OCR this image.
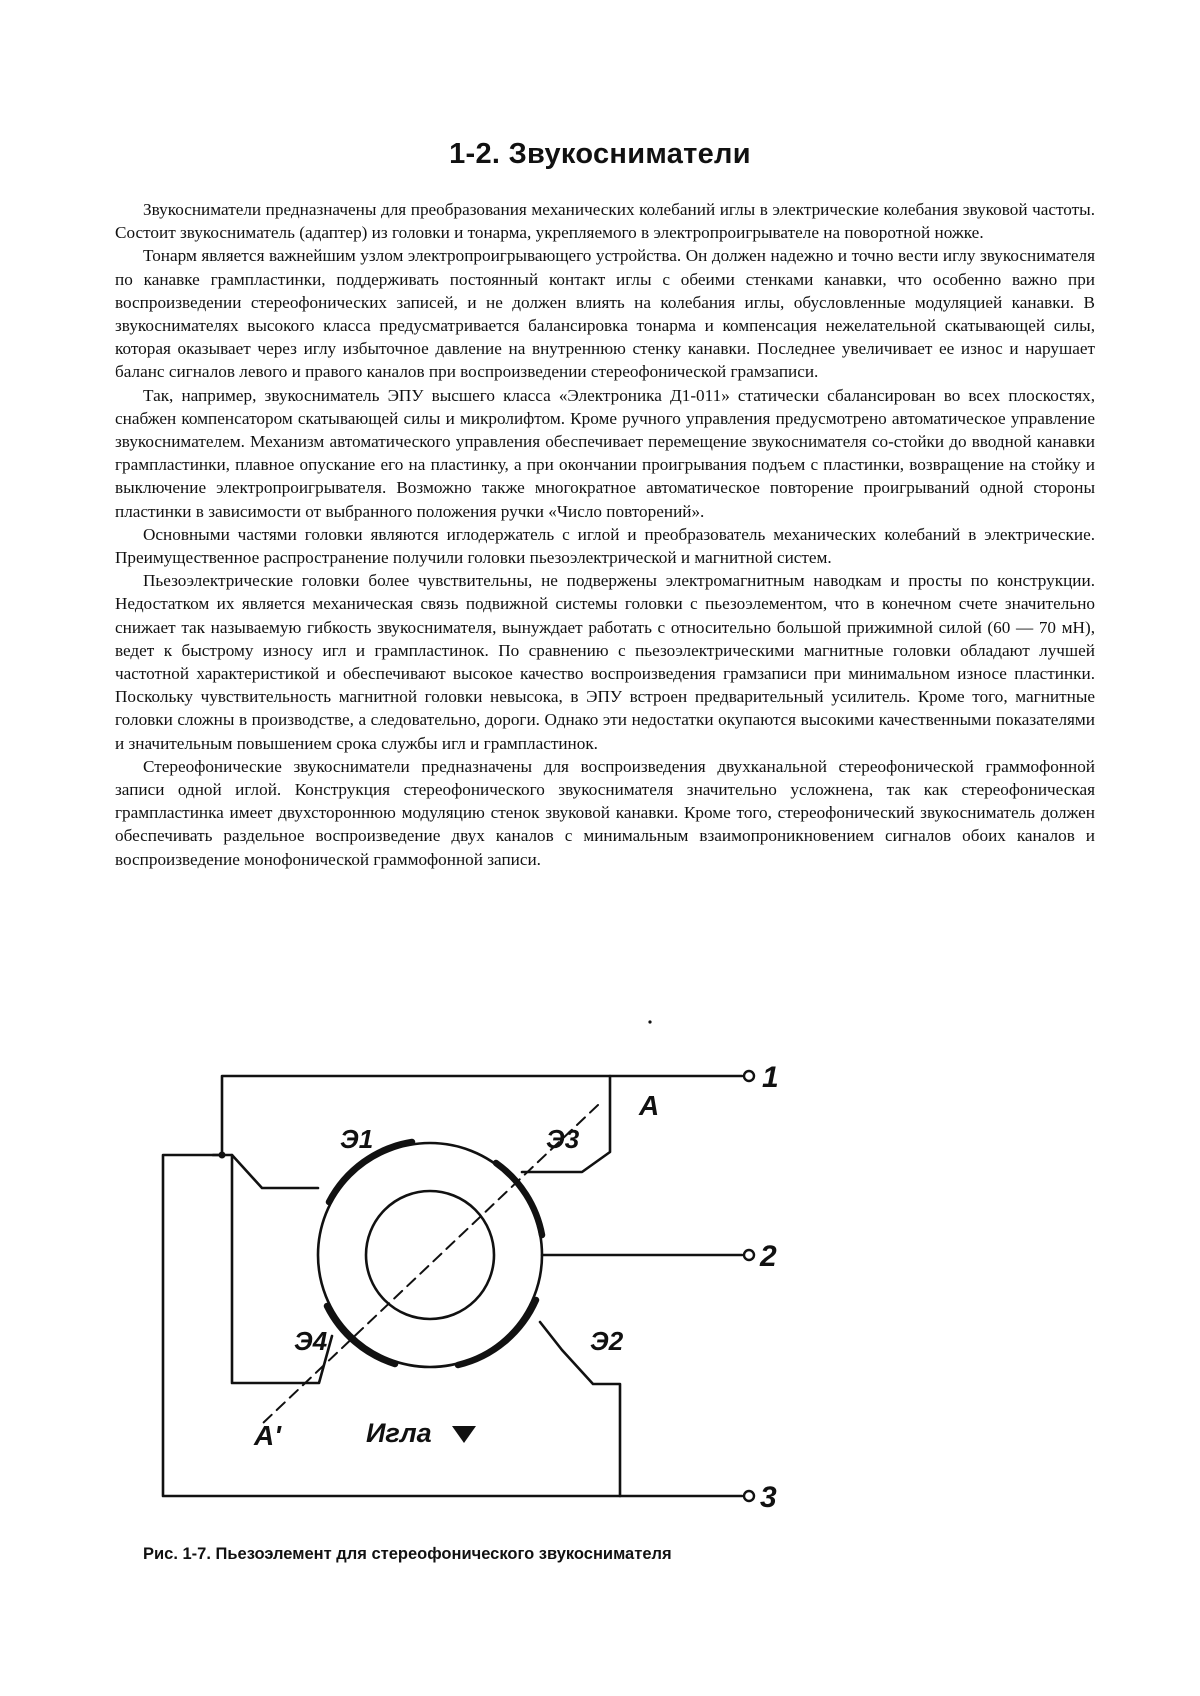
1-2. Звукосниматели

Звукосниматели предназначены для преобразования механических колебаний иглы в электрические колебания звуковой частоты. Состоит звукосниматель (адаптер) из головки и тонарма, укрепляемого в электропроигрывателе на поворотной ножке.

Тонарм является важнейшим узлом электропроигрывающего устройства. Он должен надежно и точно вести иглу звукоснимателя по канавке грампластинки, поддерживать постоянный контакт иглы с обеими стенками канавки, что особенно важно при воспроизведении стереофонических записей, и не должен влиять на колебания иглы, обусловленные модуляцией канавки. В звукоснимателях высокого класса предусматривается балансировка тонарма и компенсация нежелательной скатывающей силы, которая оказывает через иглу избыточное давление на внутреннюю стенку канавки. Последнее увеличивает ее износ и нарушает баланс сигналов левого и правого каналов при воспроизведении стереофонической грамзаписи.

Так, например, звукосниматель ЭПУ высшего класса «Электроника Д1-011» статически сбалансирован во всех плоскостях, снабжен компенсатором скатывающей силы и микролифтом. Кроме ручного управления предусмотрено автоматическое управление звукоснимателем. Механизм автоматического управления обеспечивает перемещение звукоснимателя со-стойки до вводной канавки грампластинки, плавное опускание его на пластинку, а при окончании проигрывания подъем с пластинки, возвращение на стойку и выключение электропроигрывателя. Возможно также многократное автоматическое повторение проигрываний одной стороны пластинки в зависимости от выбранного положения ручки «Число повторений».

Основными частями головки являются иглодержатель с иглой и преобразователь механических колебаний в электрические. Преимущественное распространение получили головки пьезоэлектрической и магнитной систем.

Пьезоэлектрические головки более чувствительны, не подвержены электромагнитным наводкам и просты по конструкции. Недостатком их является механическая связь подвижной системы головки с пьезоэлементом, что в конечном счете значительно снижает так называемую гибкость звукоснимателя, вынуждает работать с относительно большой прижимной силой (60 — 70 мН), ведет к быстрому износу игл и грампластинок. По сравнению с пьезоэлектрическими магнитные головки обладают лучшей частотной характеристикой и обеспечивают высокое качество воспроизведения грамзаписи при минимальном износе пластинки. Поскольку чувствительность магнитной головки невысока, в ЭПУ встроен предварительный усилитель. Кроме того, магнитные головки сложны в производстве, а следовательно, дороги. Однако эти недостатки окупаются высокими качественными показателями и значительным повышением срока службы игл и грампластинок.

Стереофонические звукосниматели предназначены для воспроизведения двухканальной стереофонической граммофонной записи одной иглой. Конструкция стереофонического звукоснимателя значительно усложнена, так как стереофоническая грампластинка имеет двухстороннюю модуляцию стенок звуковой канавки. Кроме того, стереофонический звукосниматель должен обеспечивать раздельное воспроизведение двух каналов с минимальным взаимопроникновением сигналов обоих каналов и воспроизведение монофонической граммофонной записи.

Э1	Э3
Э2
Э4
A
A'	Игла
1
2
3
Рис. 1-7. Пьезоэлемент для стереофонического звукоснимателя
